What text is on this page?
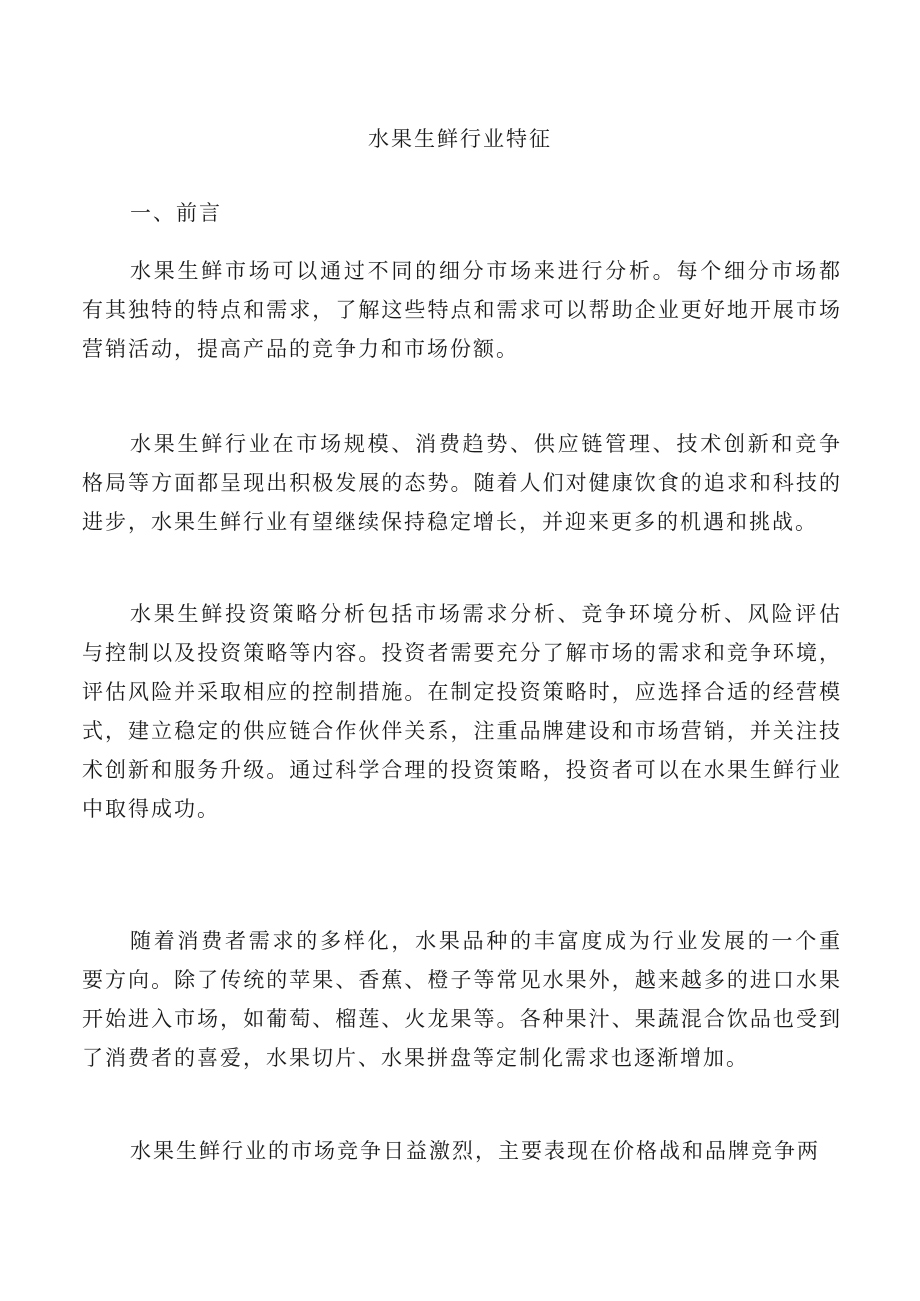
水果生鲜行业特征
一、前言

水果生鲜市场可以通过不同的细分市场来进行分析。每个细分市场都有其独特的特点和需求，了解这些特点和需求可以帮助企业更好地开展市场营销活动，提高产品的竞争力和市场份额。

水果生鲜行业在市场规模、消费趋势、供应链管理、技术创新和竞争格局等方面都呈现出积极发展的态势。随着人们对健康饮食的追求和科技的进步，水果生鲜行业有望继续保持稳定增长，并迎来更多的机遇和挑战。

水果生鲜投资策略分析包括市场需求分析、竞争环境分析、风险评估与控制以及投资策略等内容。投资者需要充分了解市场的需求和竞争环境，评估风险并采取相应的控制措施。在制定投资策略时，应选择合适的经营模式，建立稳定的供应链合作伙伴关系，注重品牌建设和市场营销，并关注技术创新和服务升级。通过科学合理的投资策略，投资者可以在水果生鲜行业中取得成功。

随着消费者需求的多样化，水果品种的丰富度成为行业发展的一个重要方向。除了传统的苹果、香蕉、橙子等常见水果外，越来越多的进口水果开始进入市场，如葡萄、榴莲、火龙果等。各种果汁、果蔬混合饮品也受到了消费者的喜爱，水果切片、水果拼盘等定制化需求也逐渐增加。

水果生鲜行业的市场竞争日益激烈，主要表现在价格战和品牌竞争两
